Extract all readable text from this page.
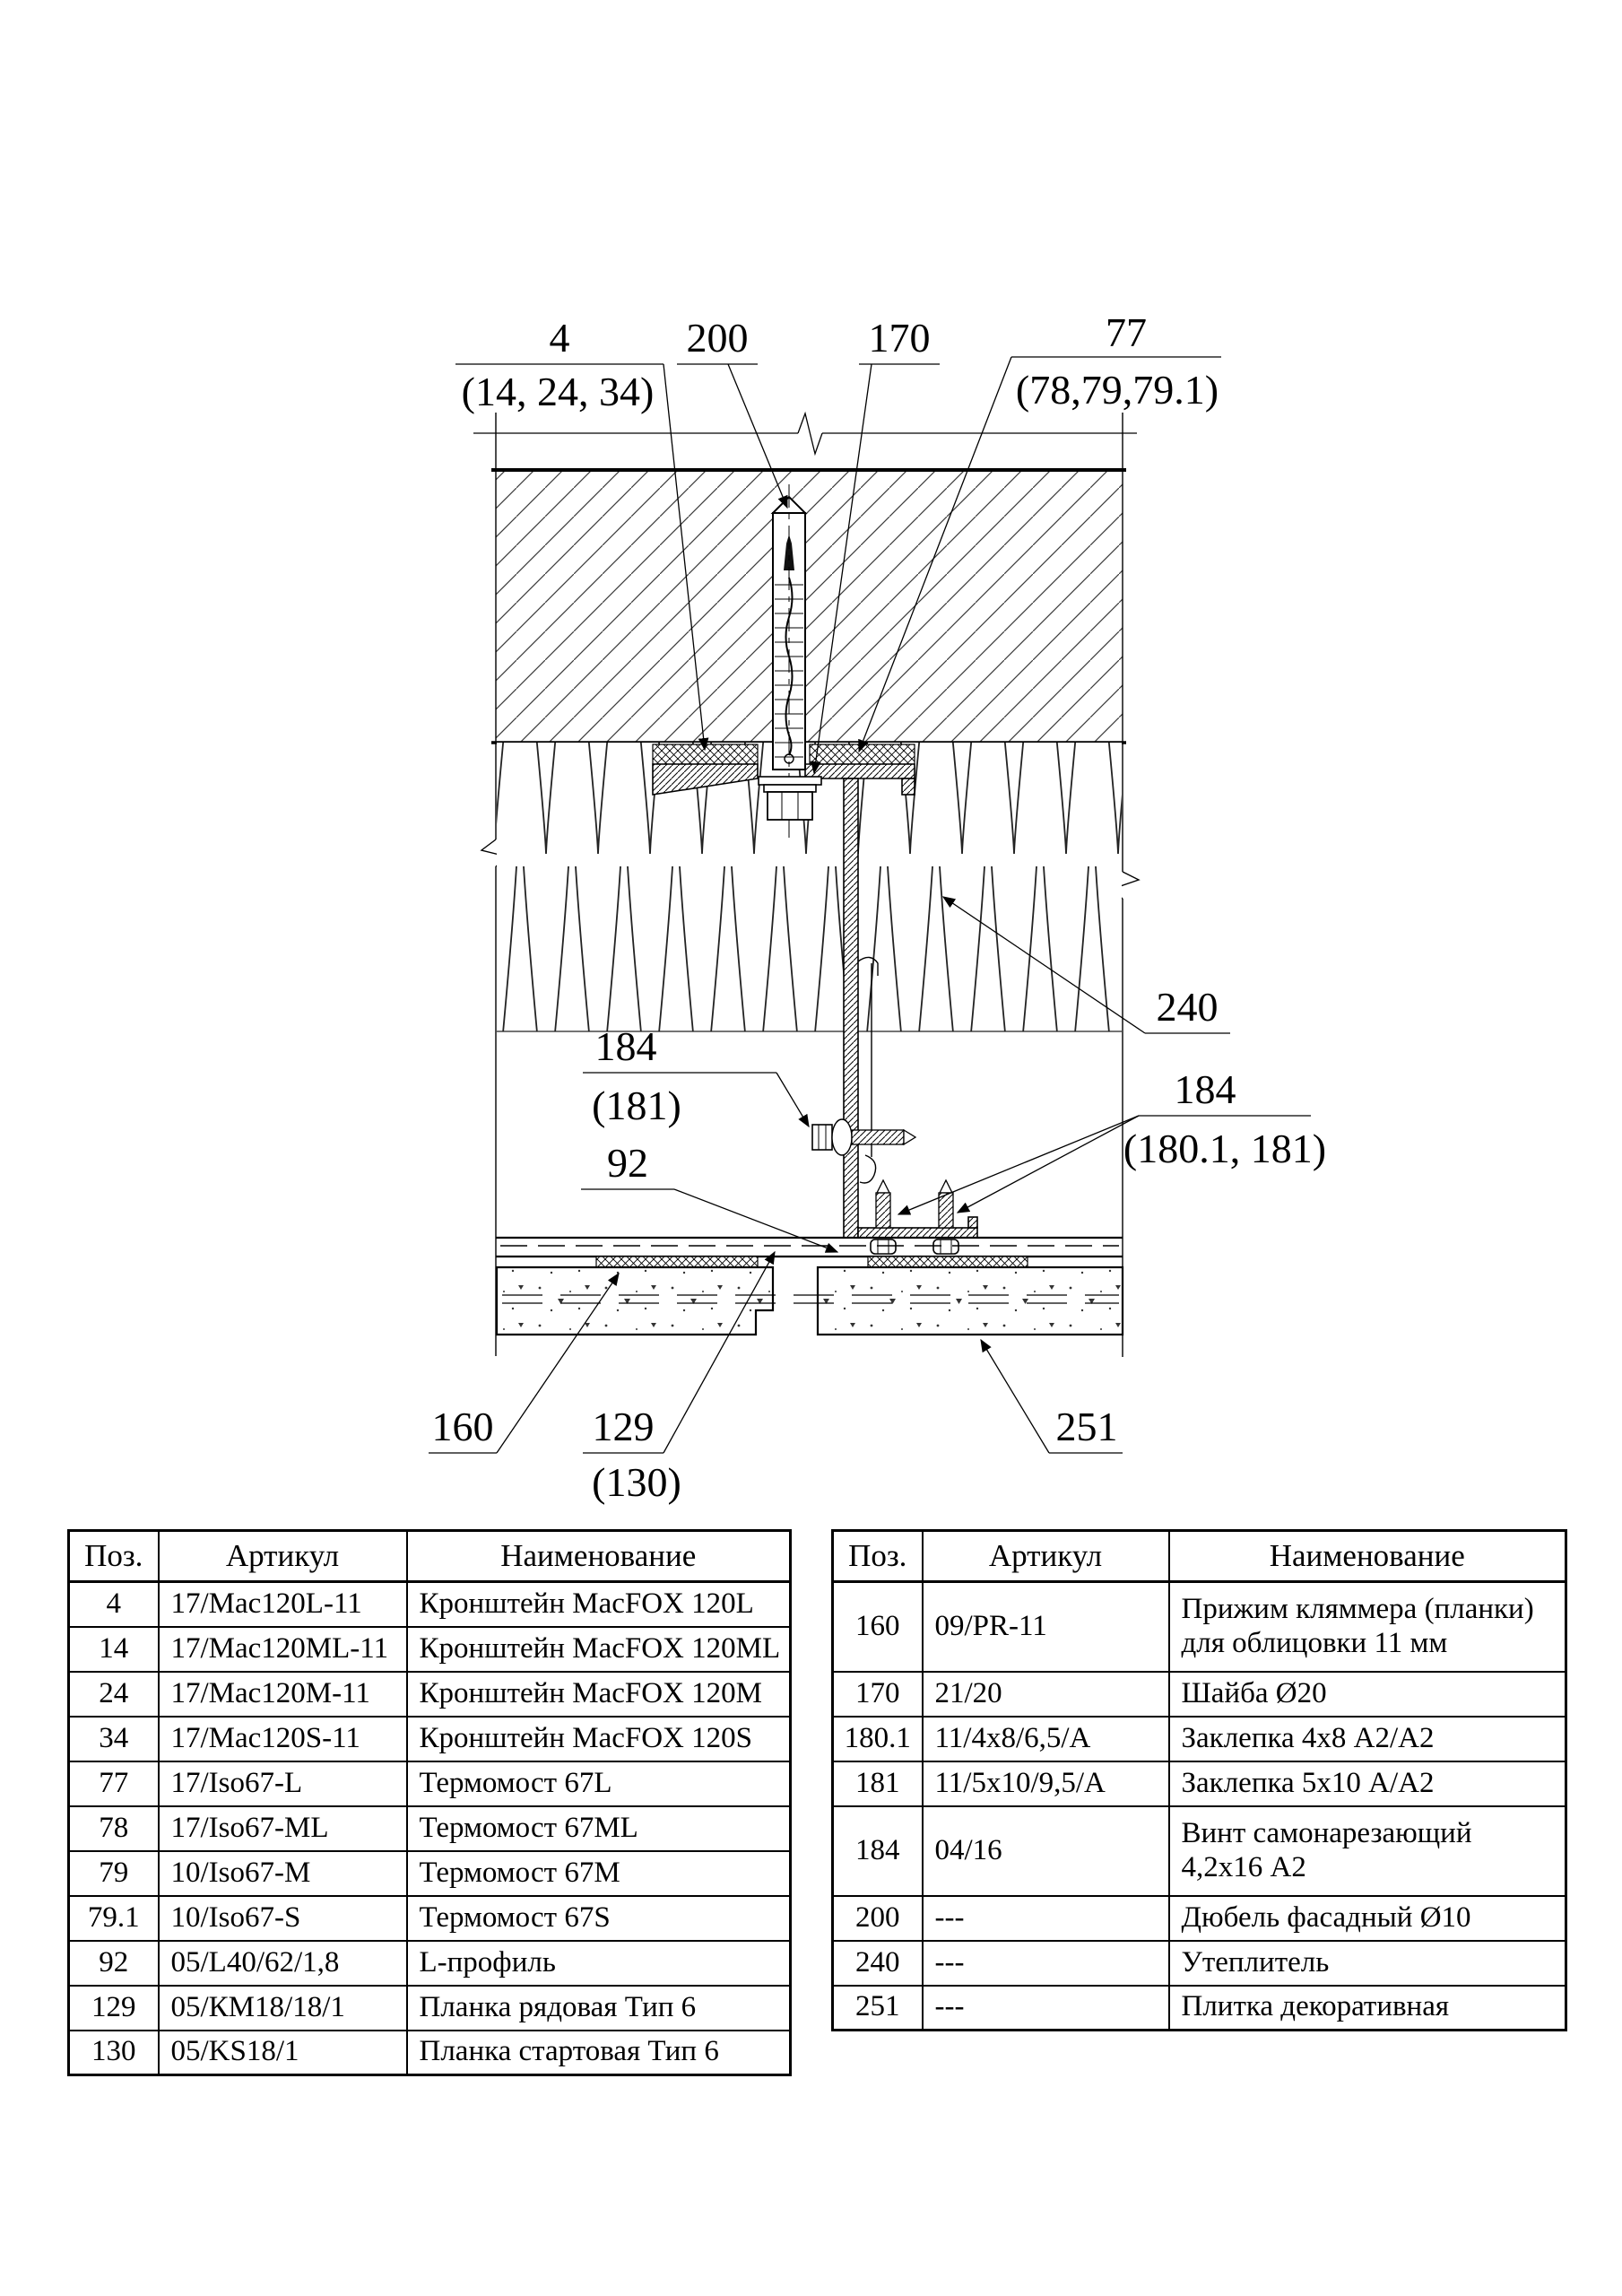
4
(14, 24, 34)
200	170	77
(78,79,79.1)
240
184
(180.1, 181)
184
(181)
92
160 129
(130)
251
Поз.	Артикул	Наименование
4	17/Mac120L-11	Кронштейн MacFOX 120L
14	17/Mac120ML-11	Кронштейн MacFOX 120ML
24	17/Mac120M-11	Кронштейн MacFOX 120M
34	17/Mac120S-11	Кронштейн MacFOX 120S
77	17/Iso67-L	Термомост 67L
78	17/Iso67-ML	Термомост 67ML
79	10/Iso67-M	Термомост 67М
79.1	10/Iso67-S	Термомост 67S
92	05/L40/62/1,8	L-профиль
129	05/КМ18/18/1	Планка рядовая Тип 6
130	05/KS18/1	Планка стартовая Тип 6
Поз.	Артикул	Наименование
160	09/PR-11	Прижим кляммера (планки) для облицовки 11 мм
170	21/20	Шайба Ø20
180.1	11/4x8/6,5/А	Заклепка 4x8 А2/А2
181	11/5x10/9,5/А	Заклепка 5x10 А/А2
184	04/16	Винт самонарезающий 4,2x16 А2
200	---	Дюбель фасадный Ø10
240	---	Утеплитель
251	---	Плитка декоративная
